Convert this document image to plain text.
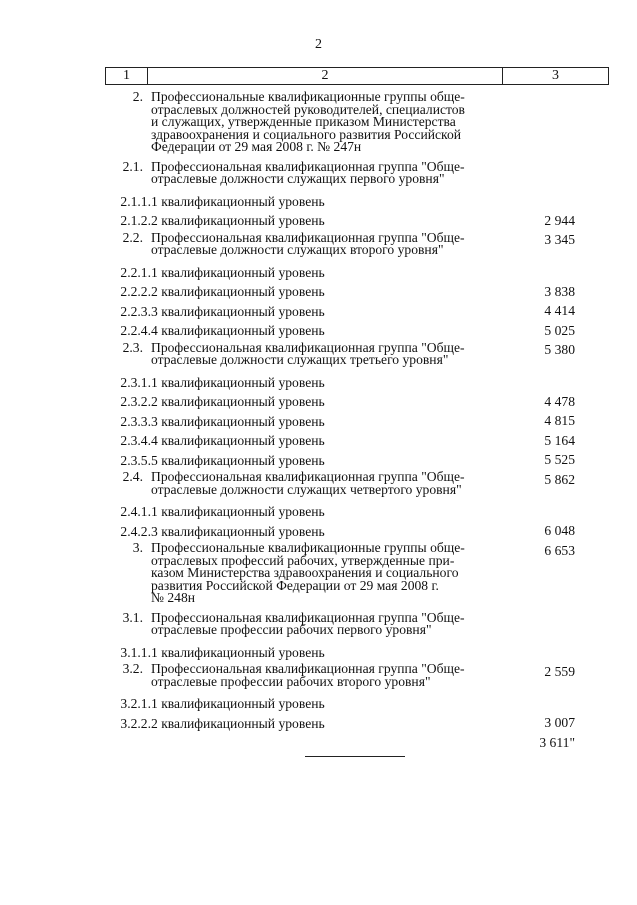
2
1	2	3
2. Профессиональные квалификационные группы обще-
отраслевых должностей руководителей, специалистов
и служащих, утвержденные приказом Министерства
здравоохранения и социального развития Российской
Федерации от 29 мая 2008 г. № 247н
2.1. Профессиональная квалификационная группа "Обще-
отраслевые должности служащих первого уровня"
2.1.1. 1 квалификационный уровень
2 944
2.1.2. 2 квалификационный уровень
3 345
2.2. Профессиональная квалификационная группа "Обще-
отраслевые должности служащих второго уровня"
2.2.1. 1 квалификационный уровень
3 838
2.2.2. 2 квалификационный уровень
4 414
2.2.3. 3 квалификационный уровень
5 025
2.2.4. 4 квалификационный уровень
5 380
2.3. Профессиональная квалификационная группа "Обще-
отраслевые должности служащих третьего уровня"
2.3.1. 1 квалификационный уровень
4 478
2.3.2. 2 квалификационный уровень
4 815
2.3.3. 3 квалификационный уровень
5 164
2.3.4. 4 квалификационный уровень
5 525
2.3.5. 5 квалификационный уровень
5 862
2.4. Профессиональная квалификационная группа "Обще-
отраслевые должности служащих четвертого уровня"
2.4.1. 1 квалификационный уровень
6 048
2.4.2. 3 квалификационный уровень
6 653
3. Профессиональные квалификационные группы обще-
отраслевых профессий рабочих, утвержденные при-
казом Министерства здравоохранения и социального
развития Российской Федерации от 29 мая 2008 г.
№ 248н
3.1. Профессиональная квалификационная группа "Обще-
отраслевые профессии рабочих первого уровня"
3.1.1. 1 квалификационный уровень
2 559
3.2. Профессиональная квалификационная группа "Обще-
отраслевые профессии рабочих второго уровня"
3.2.1. 1 квалификационный уровень
3 007
3.2.2. 2 квалификационный уровень
3 611"
